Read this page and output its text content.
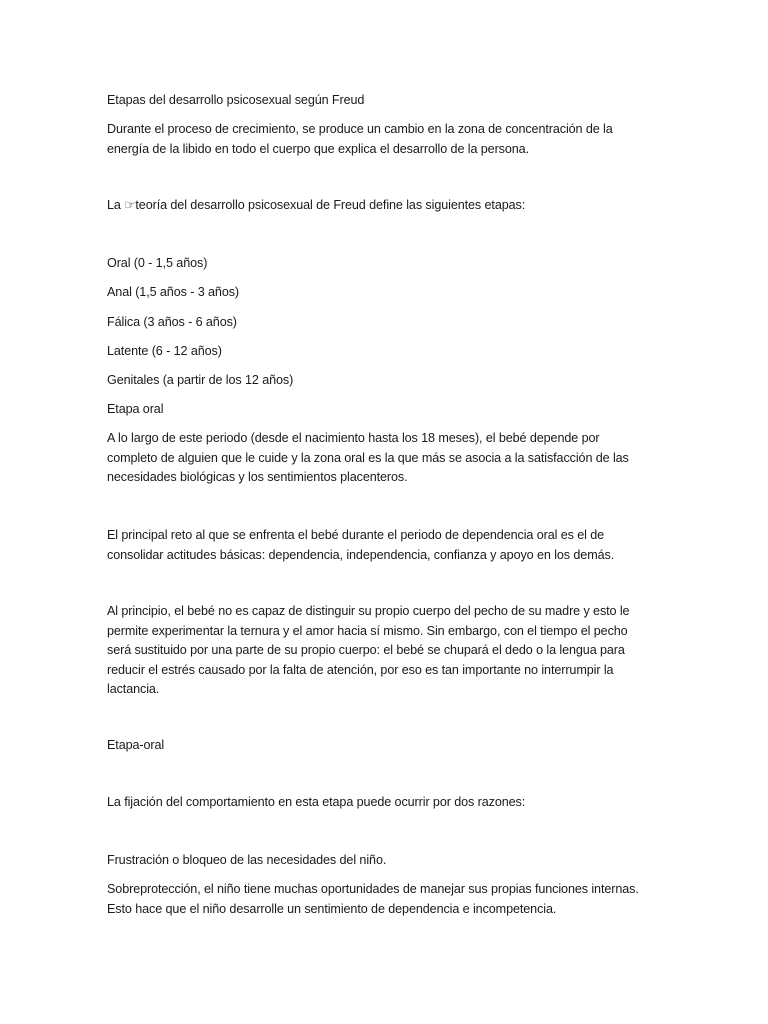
Etapas del desarrollo psicosexual según Freud

Durante el proceso de crecimiento, se produce un cambio en la zona de concentración de la
energía de la libido en todo el cuerpo que explica el desarrollo de la persona.

La ☞teoría del desarrollo psicosexual de Freud define las siguientes etapas:

Oral (0 - 1,5 años)

Anal (1,5 años - 3 años)

Fálica (3 años - 6 años)

Latente (6 - 12 años)

Genitales (a partir de los 12 años)

Etapa oral

A lo largo de este periodo (desde el nacimiento hasta los 18 meses), el bebé depende por
completo de alguien que le cuide y la zona oral es la que más se asocia a la satisfacción de las
necesidades biológicas y los sentimientos placenteros.

El principal reto al que se enfrenta el bebé durante el periodo de dependencia oral es el de
consolidar actitudes básicas: dependencia, independencia, confianza y apoyo en los demás.

Al principio, el bebé no es capaz de distinguir su propio cuerpo del pecho de su madre y esto le
permite experimentar la ternura y el amor hacia sí mismo. Sin embargo, con el tiempo el pecho
será sustituido por una parte de su propio cuerpo: el bebé se chupará el dedo o la lengua para
reducir el estrés causado por la falta de atención, por eso es tan importante no interrumpir la
lactancia.

Etapa-oral

La fijación del comportamiento en esta etapa puede ocurrir por dos razones:

Frustración o bloqueo de las necesidades del niño.

Sobreprotección, el niño tiene muchas oportunidades de manejar sus propias funciones internas.
Esto hace que el niño desarrolle un sentimiento de dependencia e incompetencia.
